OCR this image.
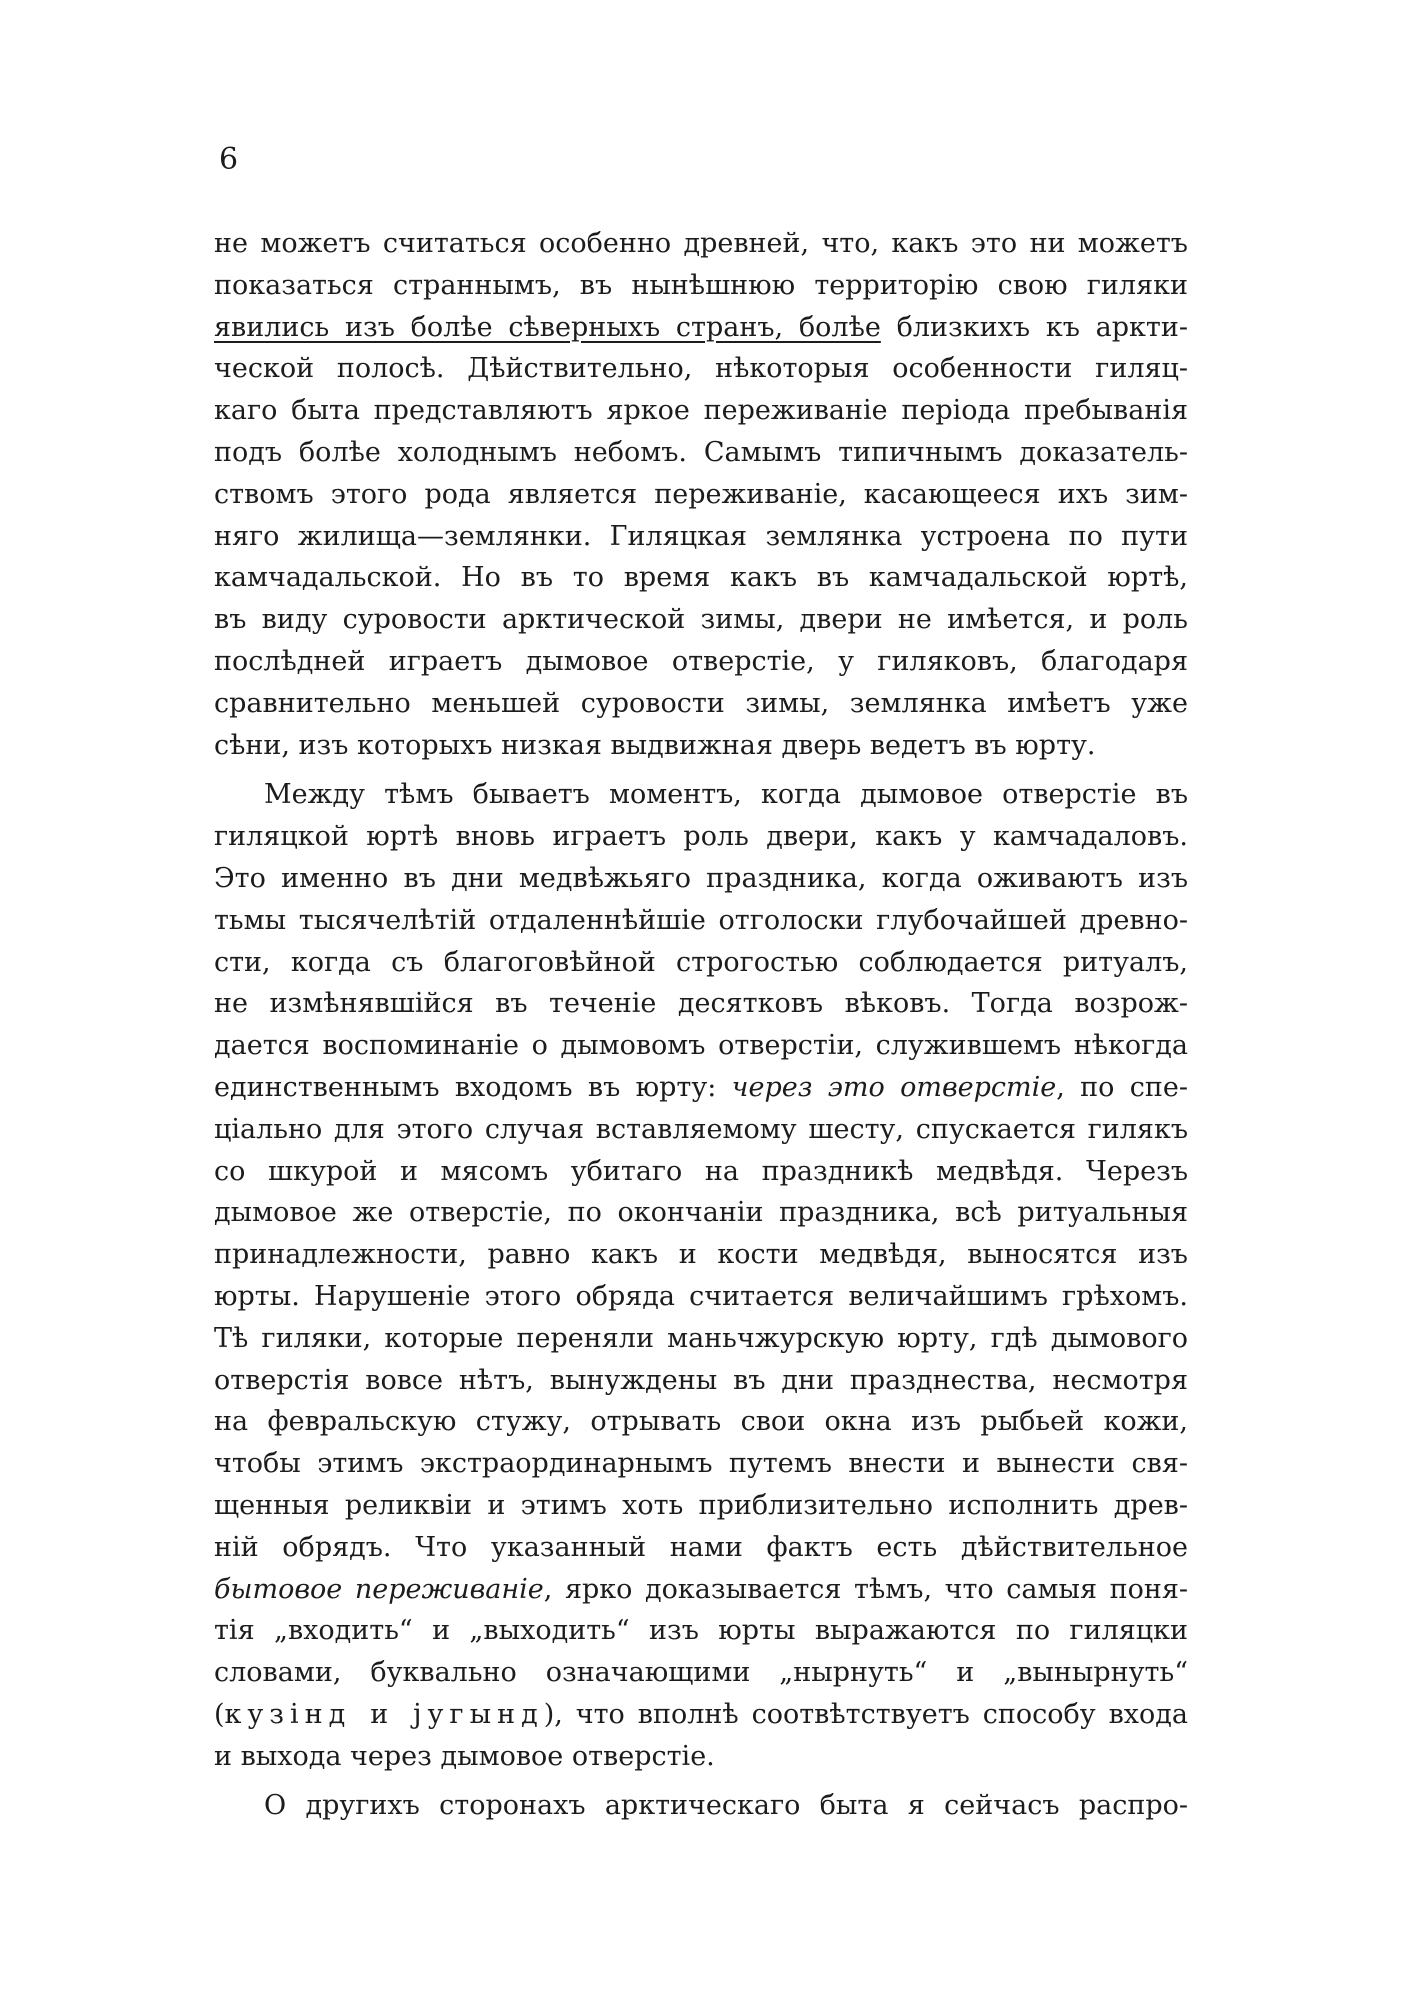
6
не можетъ считаться особенно древней, что, какъ это ни можетъ
показаться страннымъ, въ нынѣшнюю территорію свою гиляки
явились изъ болѣе сѣверныхъ странъ, болѣе близкихъ къ аркти-
ческой полосѣ. Дѣйствительно, нѣкоторыя особенности гиляц-
каго быта представляютъ яркое переживаніе періода пребыванія
подъ болѣе холоднымъ небомъ. Самымъ типичнымъ доказатель-
ствомъ этого рода является переживаніе, касающееся ихъ зим-
няго жилища—землянки. Гиляцкая землянка устроена по пути
камчадальской. Но въ то время какъ въ камчадальской юртѣ,
въ виду суровости арктической зимы, двери не имѣется, и роль
послѣдней играетъ дымовое отверстіе, у гиляковъ, благодаря
сравнительно меньшей суровости зимы, землянка имѣетъ уже
сѣни, изъ которыхъ низкая выдвижная дверь ведетъ въ юрту.
Между тѣмъ бываетъ моментъ, когда дымовое отверстіе въ
гиляцкой юртѣ вновь играетъ роль двери, какъ у камчадаловъ.
Это именно въ дни медвѣжьяго праздника, когда оживаютъ изъ
тьмы тысячелѣтій отдаленнѣйшіе отголоски глубочайшей древно-
сти, когда съ благоговѣйной строгостью соблюдается ритуалъ,
не измѣнявшійся въ теченіе десятковъ вѣковъ. Тогда возрож-
дается воспоминаніе о дымовомъ отверстіи, служившемъ нѣкогда
единственнымъ входомъ въ юрту: через это отверстіе, по спе-
ціально для этого случая вставляемому шесту, спускается гилякъ
со шкурой и мясомъ убитаго на праздникѣ медвѣдя. Черезъ
дымовое же отверстіе, по окончаніи праздника, всѣ ритуальныя
принадлежности, равно какъ и кости медвѣдя, выносятся изъ
юрты. Нарушеніе этого обряда считается величайшимъ грѣхомъ.
Тѣ гиляки, которые переняли маньчжурскую юрту, гдѣ дымового
отверстія вовсе нѣтъ, вынуждены въ дни празднества, несмотря
на февральскую стужу, отрывать свои окна изъ рыбьей кожи,
чтобы этимъ экстраординарнымъ путемъ внести и вынести свя-
щенныя реликвіи и этимъ хоть приблизительно исполнить древ-
ній обрядъ. Что указанный нами фактъ есть дѣйствительное
бытовое переживаніе, ярко доказывается тѣмъ, что самыя поня-
тія „входить“ и „выходить“ изъ юрты выражаются по гиляцки
словами, буквально означающими „нырнуть“ и „вынырнуть“
(кузінд и југынд), что вполнѣ соотвѣтствуетъ способу входа
и выхода через дымовое отверстіе.
О другихъ сторонахъ арктическаго быта я сейчасъ распро-
